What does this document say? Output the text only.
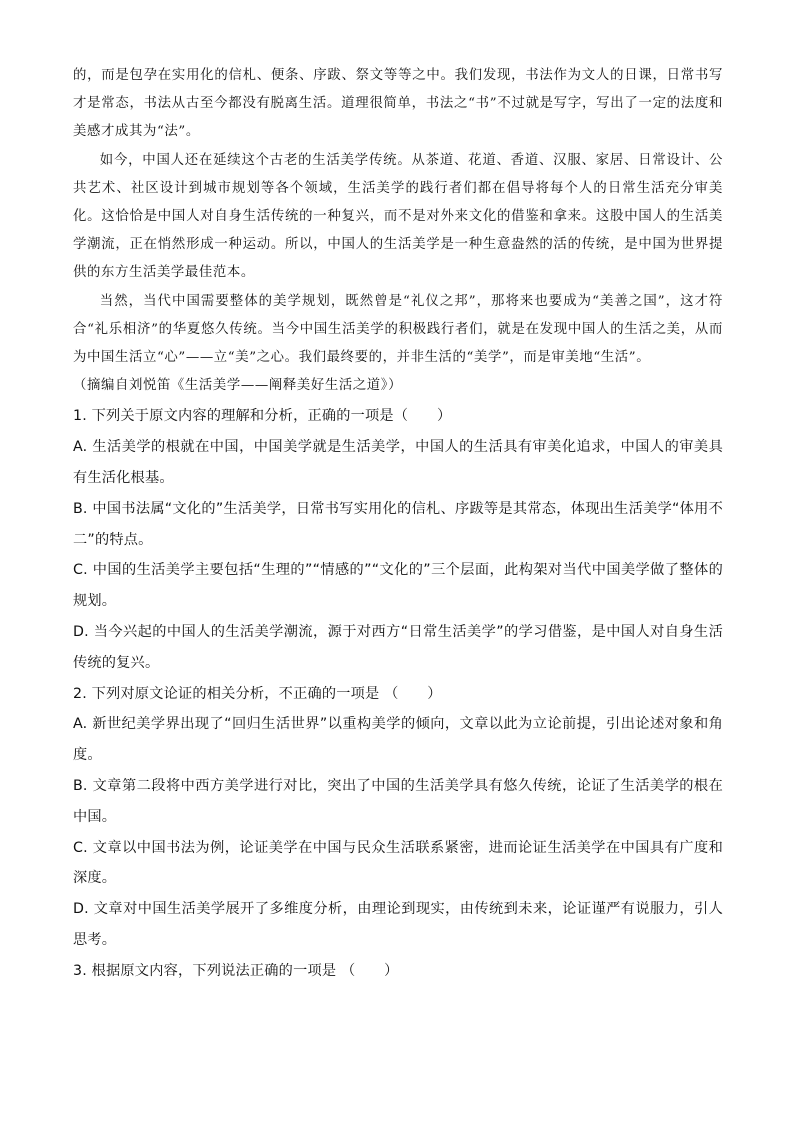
的，而是包孕在实用化的信札、便条、序跋、祭文等等之中。我们发现，书法作为文人的日课，日常书写才是常态，书法从古至今都没有脱离生活。道理很简单，书法之“书”不过就是写字，写出了一定的法度和美感才成其为“法”。

如今，中国人还在延续这个古老的生活美学传统。从茶道、花道、香道、汉服、家居、日常设计、公共艺术、社区设计到城市规划等各个领域，生活美学的践行者们都在倡导将每个人的日常生活充分审美化。这恰恰是中国人对自身生活传统的一种复兴，而不是对外来文化的借鉴和拿来。这股中国人的生活美学潮流，正在悄然形成一种运动。所以，中国人的生活美学是一种生意盎然的活的传统，是中国为世界提供的东方生活美学最佳范本。

当然，当代中国需要整体的美学规划，既然曾是“礼仪之邦”，那将来也要成为“美善之国”，这才符合“礼乐相济”的华夏悠久传统。当今中国生活美学的积极践行者们，就是在发现中国人的生活之美，从而为中国生活立“心”——立“美”之心。我们最终要的，并非生活的“美学”，而是审美地“生活”。

（摘编自刘悦笛《生活美学——阐释美好生活之道》）

1. 下列关于原文内容的理解和分析，正确的一项是（　　）

A. 生活美学的根就在中国，中国美学就是生活美学，中国人的生活具有审美化追求，中国人的审美具有生活化根基。

B. 中国书法属“文化的”生活美学，日常书写实用化的信札、序跋等是其常态，体现出生活美学“体用不二”的特点。

C. 中国的生活美学主要包括“生理的”“情感的”“文化的”三个层面，此构架对当代中国美学做了整体的规划。

D. 当今兴起的中国人的生活美学潮流，源于对西方“日常生活美学”的学习借鉴，是中国人对自身生活传统的复兴。

2. 下列对原文论证的相关分析，不正确的一项是 （　　）

A. 新世纪美学界出现了“回归生活世界”以重构美学的倾向，文章以此为立论前提，引出论述对象和角度。

B. 文章第二段将中西方美学进行对比，突出了中国的生活美学具有悠久传统，论证了生活美学的根在中国。

C. 文章以中国书法为例，论证美学在中国与民众生活联系紧密，进而论证生活美学在中国具有广度和深度。

D. 文章对中国生活美学展开了多维度分析，由理论到现实，由传统到未来，论证谨严有说服力，引人思考。

3. 根据原文内容，下列说法正确的一项是 （　　）
